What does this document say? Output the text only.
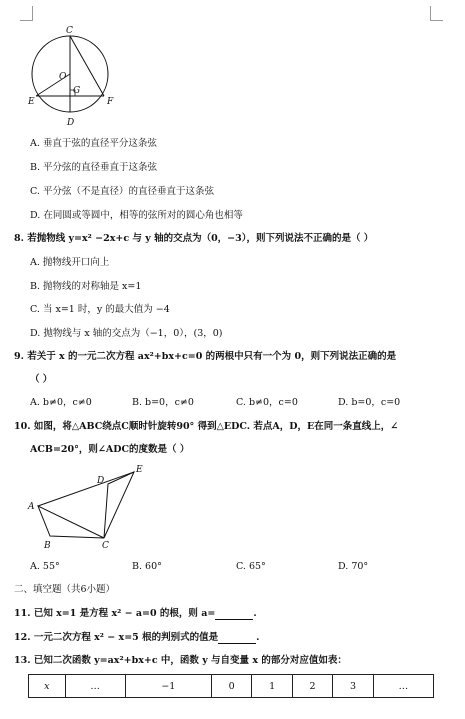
C
O
G
E	F
D
A. 垂直于弦的直径平分这条弦
B. 平分弦的直径垂直于这条弦
C. 平分弦（不是直径）的直径垂直于这条弦
D. 在同圆或等圆中，相等的弦所对的圆心角也相等
8. 若抛物线 y=x² −2x+c 与 y 轴的交点为（0，−3），则下列说法不正确的是（ ）
A. 抛物线开口向上
B. 抛物线的对称轴是 x=1
C. 当 x=1 时，y 的最大值为 −4
D. 抛物线与 x 轴的交点为（−1，0），(3，0)
9. 若关于 x 的一元二次方程 ax²+bx+c=0 的两根中只有一个为 0，则下列说法正确的是
（ ）
A. b≠0，c≠0	B. b=0，c≠0	C. b≠0，c=0	D. b=0，c=0
10. 如图，将△ABC绕点C顺时针旋转90° 得到△EDC. 若点A，D，E在同一条直线上，∠
ACB=20°，则∠ADC的度数是（ ）
A
B	C
D
E
A. 55°	B. 60°	C. 65°	D. 70°
二、填空题（共6小题）
11. 已知 x=1 是方程 x² − a=0 的根，则 a=	.
12. 一元二次方程 x² − x=5 根的判别式的值是	.
13. 已知二次函数 y=ax²+bx+c 中，函数 y 与自变量 x 的部分对应值如表：
x	…	−1	0	1	2	3	…
